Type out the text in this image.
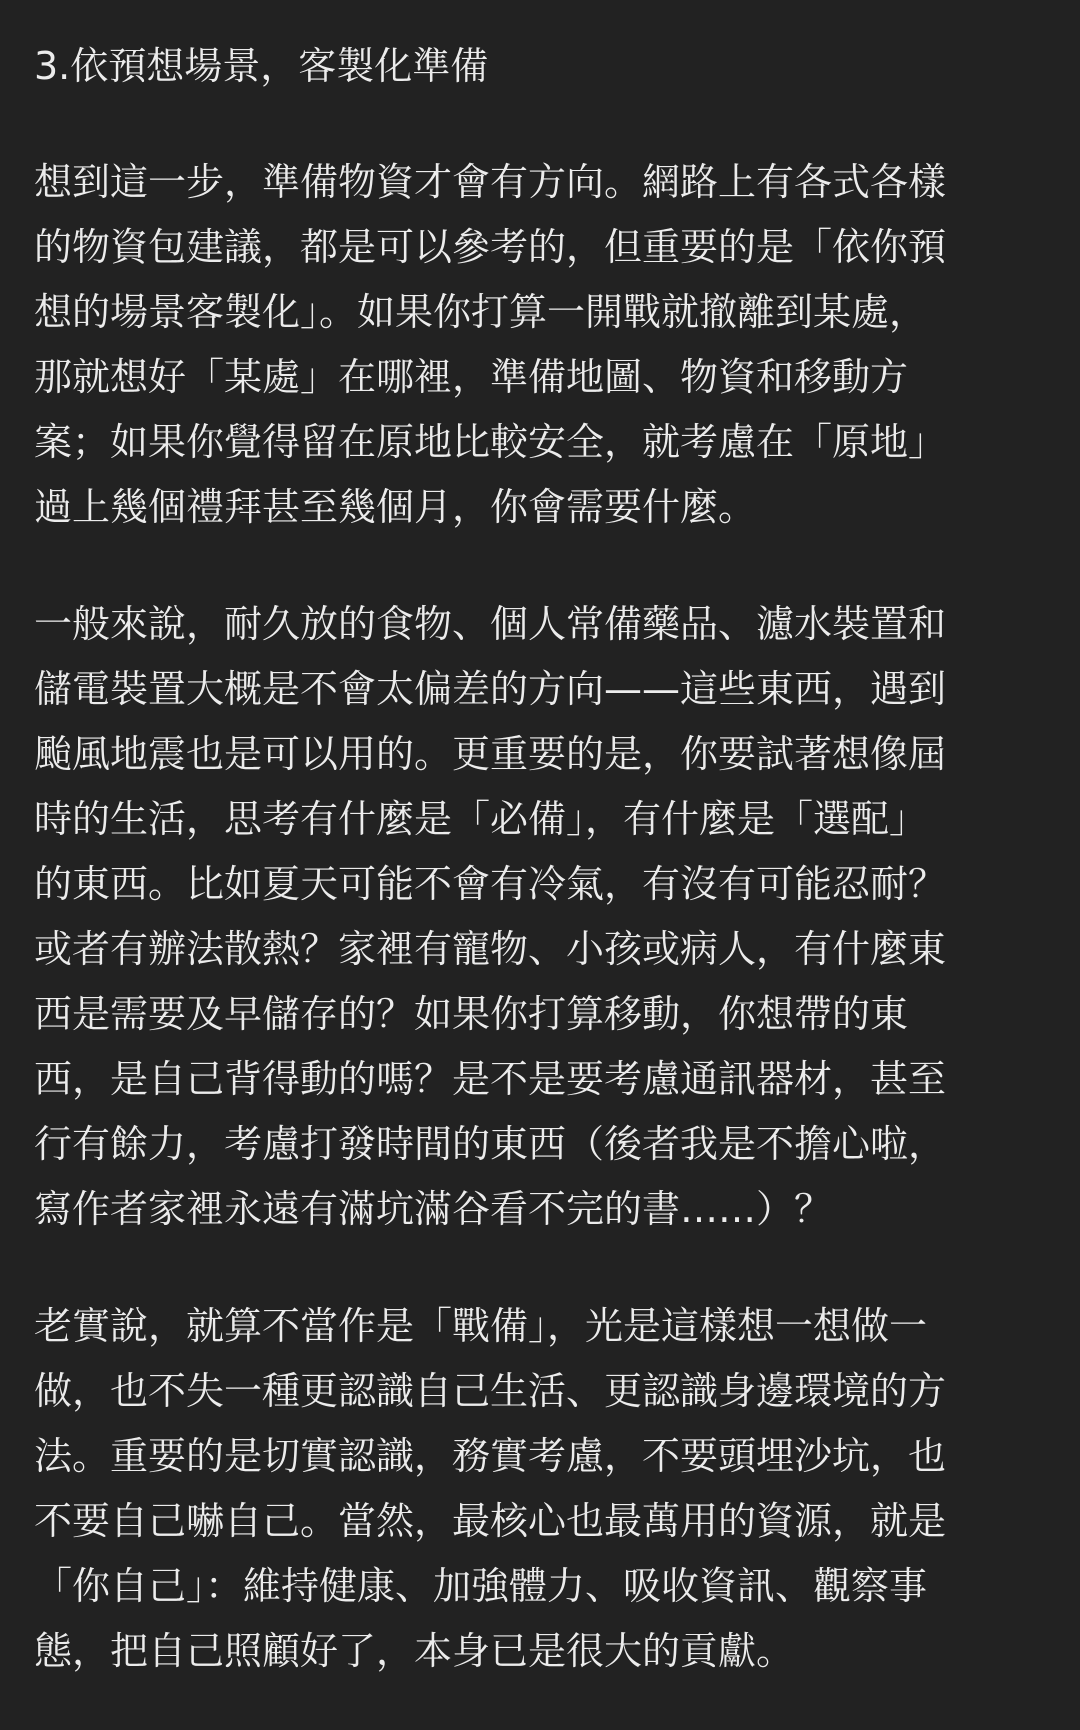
3.依預想場景，客製化準備
想到這一步，準備物資才會有方向。網路上有各式各樣
的物資包建議，都是可以參考的，但重要的是「依你預
想的場景客製化」。如果你打算一開戰就撤離到某處，
那就想好「某處」在哪裡，準備地圖、物資和移動方
案；如果你覺得留在原地比較安全，就考慮在「原地」
過上幾個禮拜甚至幾個月，你會需要什麼。
一般來說，耐久放的食物、個人常備藥品、濾水裝置和
儲電裝置大概是不會太偏差的方向——這些東西，遇到
颱風地震也是可以用的。更重要的是，你要試著想像屆
時的生活，思考有什麼是「必備」，有什麼是「選配」
的東西。比如夏天可能不會有冷氣，有沒有可能忍耐？
或者有辦法散熱？家裡有寵物、小孩或病人，有什麼東
西是需要及早儲存的？如果你打算移動，你想帶的東
西，是自己背得動的嗎？是不是要考慮通訊器材，甚至
行有餘力，考慮打發時間的東西（後者我是不擔心啦，
寫作者家裡永遠有滿坑滿谷看不完的書……）？
老實說，就算不當作是「戰備」，光是這樣想一想做一
做，也不失一種更認識自己生活、更認識身邊環境的方
法。重要的是切實認識，務實考慮，不要頭埋沙坑，也
不要自己嚇自己。當然，最核心也最萬用的資源，就是
「你自己」：維持健康、加強體力、吸收資訊、觀察事
態，把自己照顧好了，本身已是很大的貢獻。
